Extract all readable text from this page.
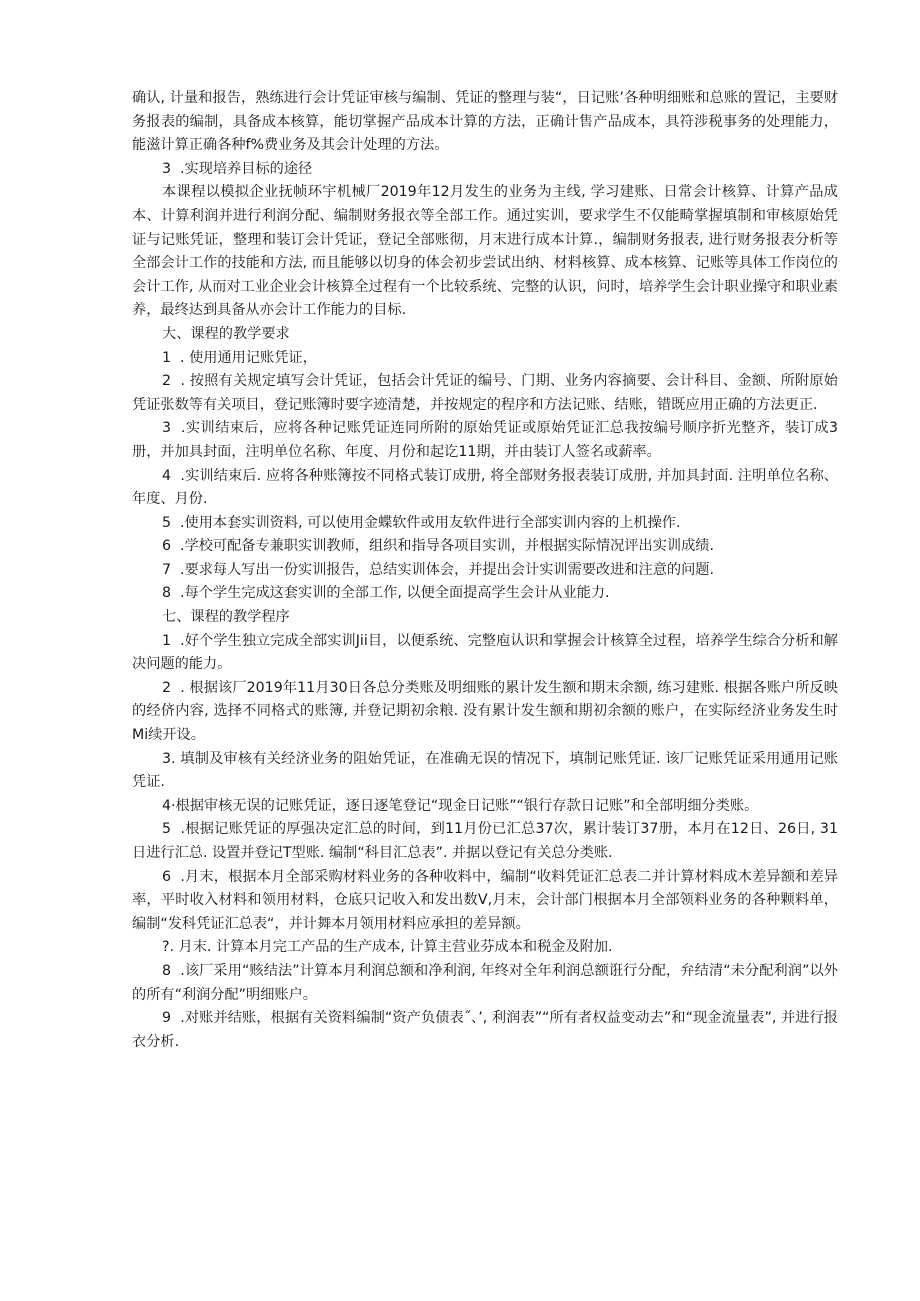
确认, 计量和报告，熟练进行会计凭证审核与编制、凭证的整理与装“，日记账’各种明细账和总账的置记，主要财务报表的编制，具备成本核算，能切掌握产品成本计算的方法，正确计售产品成本，具符涉税事务的处理能力，能滋计算正确各种f%费业务及其会计处理的方法。

3  .实现培养目标的途径

本课程以模拟企业抚帧环宇机械厂2019年12月发生的业务为主线, 学习建账、日常会计核算、计算产品成本、计算利润并进行利润分配、编制财务报衣等全部工作。通过实训，要求学生不仅能畸掌握填制和审核原始凭证与记账凭证，整理和装订会计凭证，登记全部账彻，月末进行成本计算.，编制财务报表, 进行财务报表分析等全部会计工作的技能和方法, 而且能够以切身的体会初步尝试出纳、材料核算、成本核算、记账等具体工作岗位的会计工作, 从而对工业企业会计核算全过程有一个比较系统、完整的认识，问时，培养学生会计职业操守和职业素养，最终达到具备从亦会计工作能力的目标.

大、课程的教学要求

1  . 使用通用记账凭证，

2  . 按照有关规定填写会计凭证，包括会计凭证的编号、门期、业务内容摘要、会计科目、金额、所附原始凭证张数等有关项目，登记账簿时要字迹清楚，并按规定的程序和方法记账、结账，错既应用正确的方法更正.

3  .实训结束后，应将各种记账凭证连同所附的原始凭证或原始凭证汇总我按编号顺序折光整齐，装订成3册，并加具封面，注明单位名称、年度、月份和起讫11期，并由装订人签名或薪率。

4  .实训结束后. 应将各种账簿按不同格式装订成册, 将全部财务报表装订成册, 并加具封面. 注明单位名称、年度、月份.

5  .使用本套实训资料, 可以使用金蝶软件或用友软件进行全部实训内容的上机操作.

6  .学校可配备专兼职实训教师，组织和指导各项目实训，并根据实际情况评出实训成绩.

7  .要求每人写出一份实训报告，总结实训体会，并提出会计实训需要改进和注意的问题.

8  .每个学生完成这套实训的全部工作, 以便全面提高学生会计从业能力.

七、课程的教学程序

1  .好个学生独立完成全部实训Jii目，以便系统、完整庖认识和掌握会计核算全过程，培养学生综合分析和解决问题的能力。

2  . 根据该厂2019年11月30日各总分类账及明细账的累计发生额和期末余额, 练习建账. 根据各账户所反映的经侪内容, 选择不同格式的账簿, 并登记期初余粮. 没有累计发生额和期初余额的账户，在实际经济业务发生时Mi续开设。

3. 填制及审核有关经济业务的阻始凭证，在准确无误的情况下，填制记账凭证. 该厂记账凭证采用通用记账凭证.

4·根据审核无误的记账凭证，逐日逐笔登记“现金日记账”“银行存款日记账”和全部明细分类账。

5  .根据记账凭证的厚强决定汇总的时间，到11月份已汇总37次，累计装订37册，本月在12日、26日, 31日进行汇总. 设置并登记T型账. 编制“科目汇总表”. 并据以登记有关总分类账.

6  .月末，根据本月全部采购材料业务的各种收料中，编制“收料凭证汇总表二并计算材料成木差异额和差异率，平时收入材料和领用材料，仓底只记收入和发出数V,月末，会计部门根据本月全部领料业务的各种颗料单，编制“发科凭证汇总表“，并计舞本月领用材料应承担的差异额。

?. 月末. 计算本月完工产品的生产成本, 计算主营业芬成本和税金及附加.

8  .该厂采用“赅结法”计算本月利润总额和净利润, 年终对全年利润总额诳行分配，弁结清“未分配利润”以外的所有“利润分配”明细账户。

9  .对账并结账，根据有关资料编制“资产负债表˝、’, 利润表”“所有者权益变动去”和“现金流量表”, 并进行报衣分析.
